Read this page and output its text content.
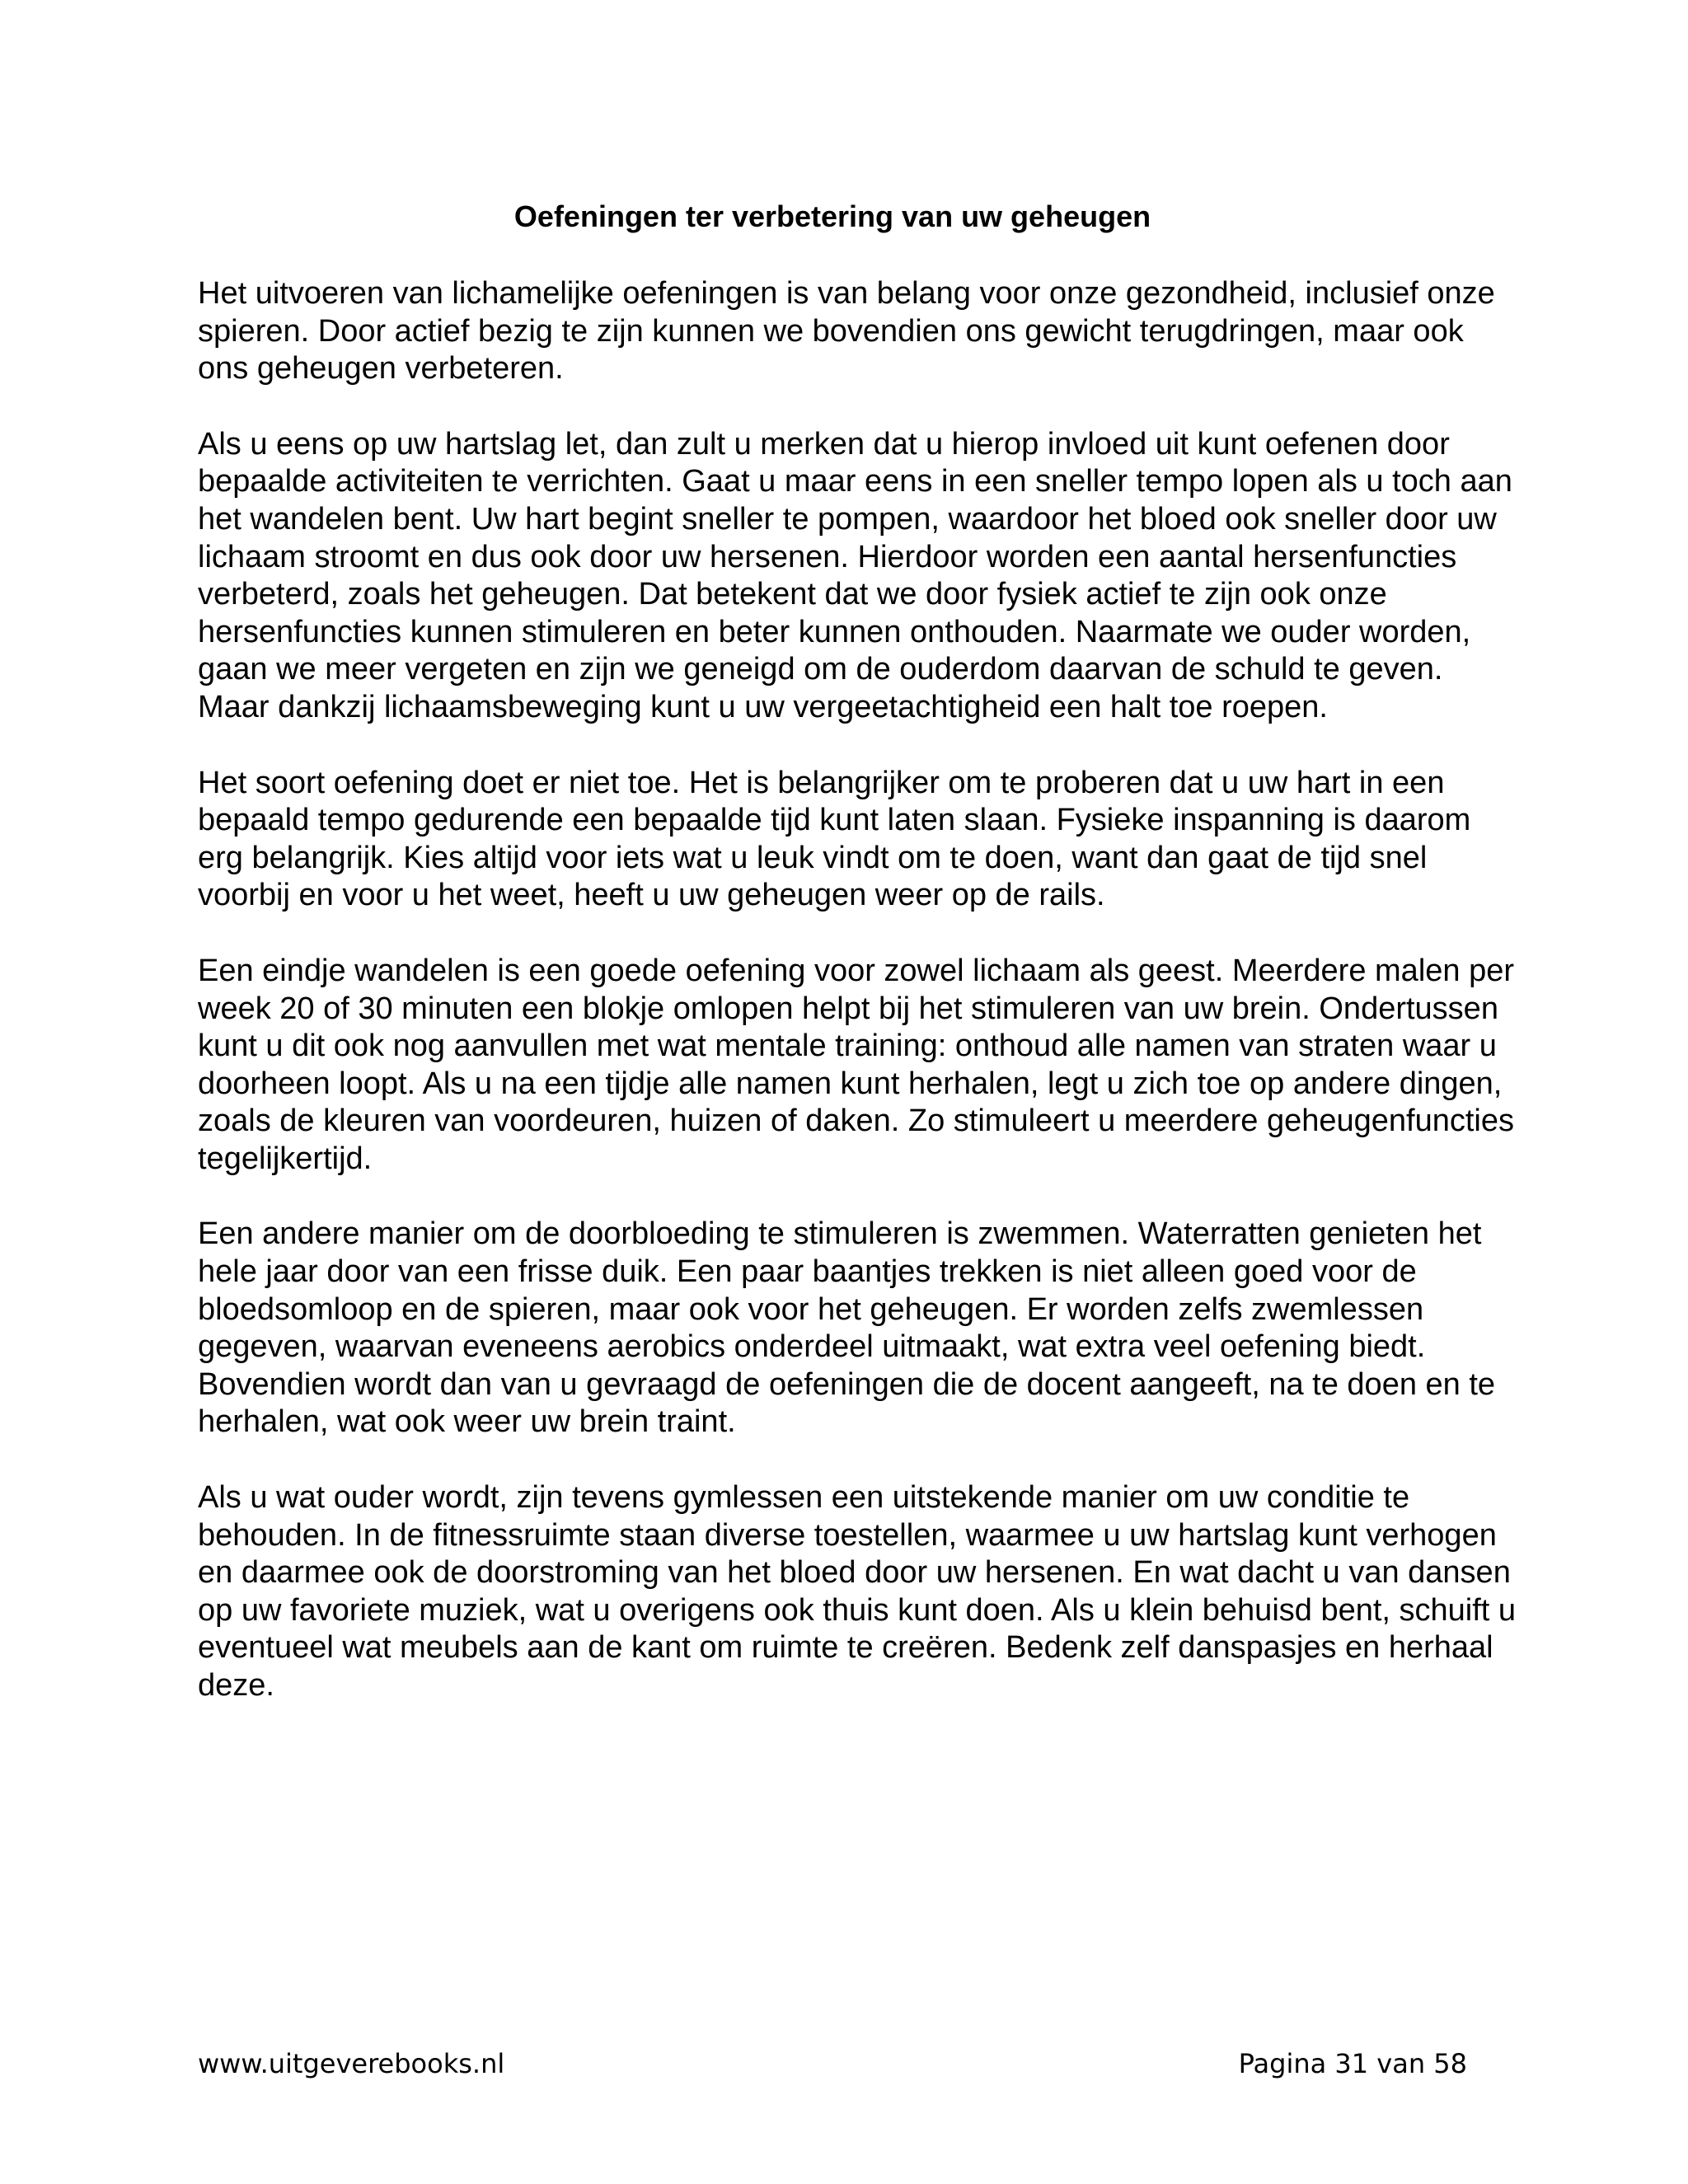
Oefeningen ter verbetering van uw geheugen

Het uitvoeren van lichamelijke oefeningen is van belang voor onze gezondheid, inclusief onze spieren. Door actief bezig te zijn kunnen we bovendien ons gewicht terugdringen, maar ook ons geheugen verbeteren.

Als u eens op uw hartslag let, dan zult u merken dat u hierop invloed uit kunt oefenen door bepaalde activiteiten te verrichten. Gaat u maar eens in een sneller tempo lopen als u toch aan het wandelen bent. Uw hart begint sneller te pompen, waardoor het bloed ook sneller door uw lichaam stroomt en dus ook door uw hersenen. Hierdoor worden een aantal hersenfuncties verbeterd, zoals het geheugen. Dat betekent dat we door fysiek actief te zijn ook onze hersenfuncties kunnen stimuleren en beter kunnen onthouden. Naarmate we ouder worden, gaan we meer vergeten en zijn we geneigd om de ouderdom daarvan de schuld te geven. Maar dankzij lichaamsbeweging kunt u uw vergeetachtigheid een halt toe roepen.

Het soort oefening doet er niet toe. Het is belangrijker om te proberen dat u uw hart in een bepaald tempo gedurende een bepaalde tijd kunt laten slaan. Fysieke inspanning is daarom erg belangrijk. Kies altijd voor iets wat u leuk vindt om te doen, want dan gaat de tijd snel voorbij en voor u het weet, heeft u uw geheugen weer op de rails.

Een eindje wandelen is een goede oefening voor zowel lichaam als geest. Meerdere malen per week 20 of 30 minuten een blokje omlopen helpt bij het stimuleren van uw brein. Ondertussen kunt u dit ook nog aanvullen met wat mentale training: onthoud alle namen van straten waar u doorheen loopt. Als u na een tijdje alle namen kunt herhalen, legt u zich toe op andere dingen, zoals de kleuren van voordeuren, huizen of daken. Zo stimuleert u meerdere geheugenfuncties tegelijkertijd.

Een andere manier om de doorbloeding te stimuleren is zwemmen. Waterratten genieten het hele jaar door van een frisse duik. Een paar baantjes trekken is niet alleen goed voor de bloedsomloop en de spieren, maar ook voor het geheugen. Er worden zelfs zwemlessen gegeven, waarvan eveneens aerobics onderdeel uitmaakt, wat extra veel oefening biedt. Bovendien wordt dan van u gevraagd de oefeningen die de docent aangeeft, na te doen en te herhalen, wat ook weer uw brein traint.

Als u wat ouder wordt, zijn tevens gymlessen een uitstekende manier om uw conditie te behouden. In de fitnessruimte staan diverse toestellen, waarmee u uw hartslag kunt verhogen en daarmee ook de doorstroming van het bloed door uw hersenen. En wat dacht u van dansen op uw favoriete muziek, wat u overigens ook thuis kunt doen. Als u klein behuisd bent, schuift u eventueel wat meubels aan de kant om ruimte te creëren. Bedenk zelf danspasjes en herhaal deze.

www.uitgeverebooks.nl	Pagina 31 van 58
